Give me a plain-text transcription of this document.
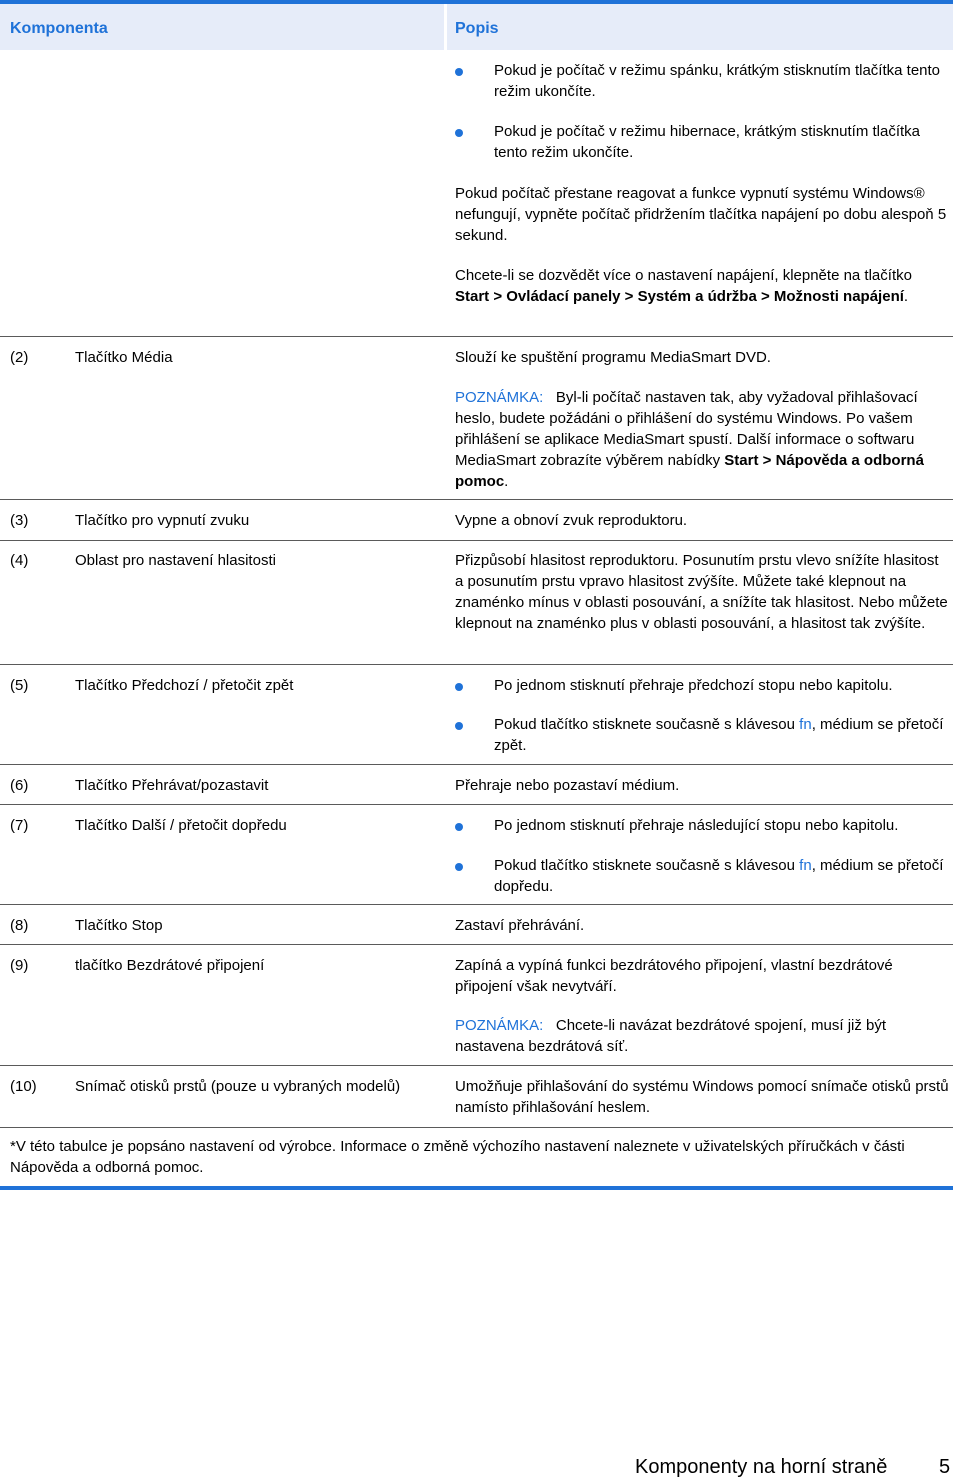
Komponenta	Popis
Pokud je počítač v režimu spánku, krátkým stisknutím tlačítka tento režim ukončíte.
Pokud je počítač v režimu hibernace, krátkým stisknutím tlačítka tento režim ukončíte.
Pokud počítač přestane reagovat a funkce vypnutí systému Windows® nefungují, vypněte počítač přidržením tlačítka napájení po dobu alespoň 5 sekund.
Chcete-li se dozvědět více o nastavení napájení, klepněte na tlačítko Start > Ovládací panely > Systém a údržba > Možnosti napájení.
(2)	Tlačítko Média	Slouží ke spuštění programu MediaSmart DVD.
POZNÁMKA: Byl-li počítač nastaven tak, aby vyžadoval přihlašovací heslo, budete požádáni o přihlášení do systému Windows. Po vašem přihlášení se aplikace MediaSmart spustí. Další informace o softwaru MediaSmart zobrazíte výběrem nabídky Start > Nápověda a odborná pomoc.
(3)	Tlačítko pro vypnutí zvuku	Vypne a obnoví zvuk reproduktoru.
(4)	Oblast pro nastavení hlasitosti	Přizpůsobí hlasitost reproduktoru. Posunutím prstu vlevo snížíte hlasitost a posunutím prstu vpravo hlasitost zvýšíte. Můžete také klepnout na znaménko mínus v oblasti posouvání, a snížíte tak hlasitost. Nebo můžete klepnout na znaménko plus v oblasti posouvání, a hlasitost tak zvýšíte.
(5)	Tlačítko Předchozí / přetočit zpět	Po jednom stisknutí přehraje předchozí stopu nebo kapitolu.
Pokud tlačítko stisknete současně s klávesou fn, médium se přetočí zpět.
(6)	Tlačítko Přehrávat/pozastavit	Přehraje nebo pozastaví médium.
(7)	Tlačítko Další / přetočit dopředu	Po jednom stisknutí přehraje následující stopu nebo kapitolu.
Pokud tlačítko stisknete současně s klávesou fn, médium se přetočí dopředu.
(8)	Tlačítko Stop	Zastaví přehrávání.
(9)	tlačítko Bezdrátové připojení	Zapíná a vypíná funkci bezdrátového připojení, vlastní bezdrátové připojení však nevytváří.
POZNÁMKA: Chcete-li navázat bezdrátové spojení, musí již být nastavena bezdrátová síť.
(10)	Snímač otisků prstů (pouze u vybraných modelů)	Umožňuje přihlašování do systému Windows pomocí snímače otisků prstů namísto přihlašování heslem.
*V této tabulce je popsáno nastavení od výrobce. Informace o změně výchozího nastavení naleznete v uživatelských příručkách v části Nápověda a odborná pomoc.
Komponenty na horní straně	5
